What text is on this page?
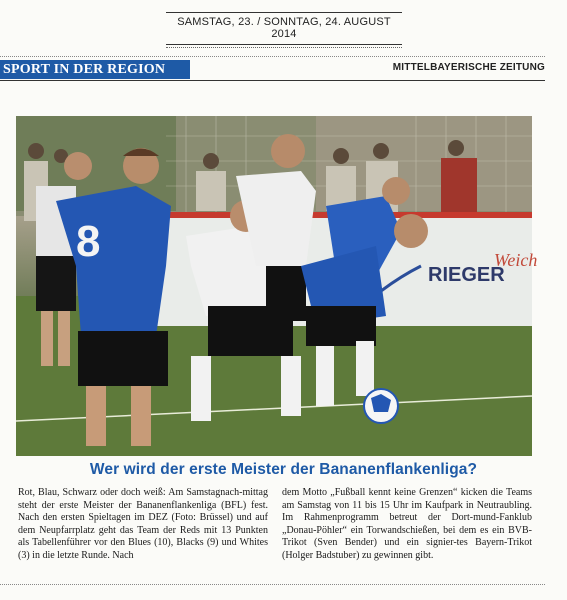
SAMSTAG, 23. / SONNTAG, 24. AUGUST 2014
SPORT IN DER REGION	MITTELBAYERISCHE ZEITUNG
RIEGER
Weich
8
Wer wird der erste Meister der Bananenflankenliga?
Rot, Blau, Schwarz oder doch weiß: Am Samstagnach-mittag steht der erste Meister der Bananenflankenliga (BFL) fest. Nach den ersten Spieltagen im DEZ (Foto: Brüssel) und auf dem Neupfarrplatz geht das Team der Reds mit 13 Punkten als Tabellenführer vor den Blues (10), Blacks (9) und Whites (3) in die letzte Runde. Nach
dem Motto „Fußball kennt keine Grenzen“ kicken die Teams am Samstag von 11 bis 15 Uhr im Kaufpark in Neutraubling. Im Rahmenprogramm betreut der Dort-mund-Fanklub „Donau-Pöhler“ ein Torwandschießen, bei dem es ein BVB-Trikot (Sven Bender) und ein signier-tes Bayern-Trikot (Holger Badstuber) zu gewinnen gibt.
